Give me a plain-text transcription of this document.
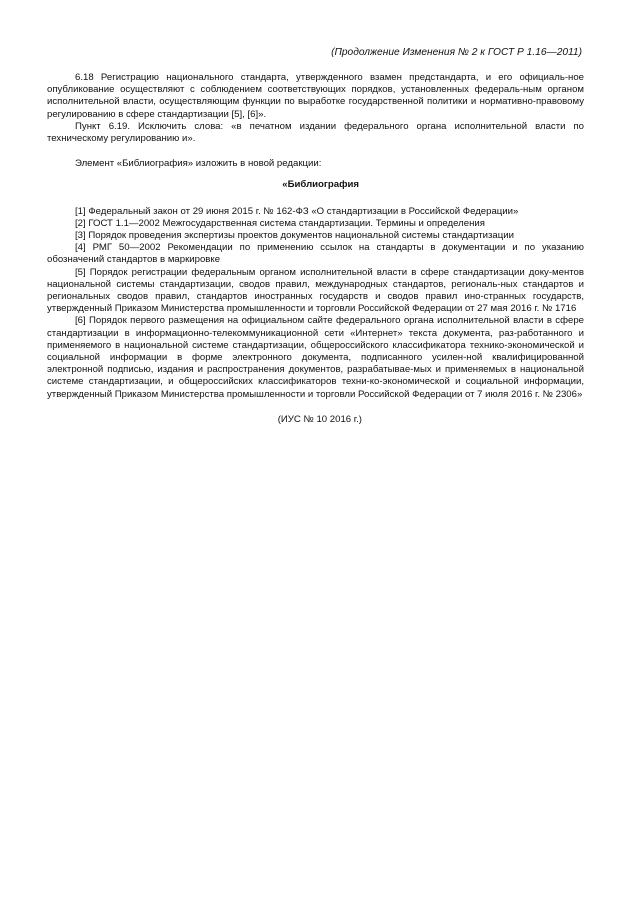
(Продолжение Изменения № 2 к ГОСТ Р 1.16—2011)

6.18 Регистрацию национального стандарта, утвержденного взамен предстандарта, и его официаль-ное опубликование осуществляют с соблюдением соответствующих порядков, установленных федераль-ным органом исполнительной власти, осуществляющим функции по выработке государственной политики и нормативно-правовому регулированию в сфере стандартизации [5], [6]».

Пункт 6.19. Исключить слова: «в печатном издании федерального органа исполнительной власти по техническому регулированию и».

Элемент «Библиография» изложить в новой редакции:

«Библиография

[1] Федеральный закон от 29 июня 2015 г. № 162-ФЗ «О стандартизации в Российской Федерации»

[2] ГОСТ 1.1—2002 Межгосударственная система стандартизации. Термины и определения

[3] Порядок проведения экспертизы проектов документов национальной системы стандартизации

[4] РМГ 50—2002 Рекомендации по применению ссылок на стандарты в документации и по указанию обозначений стандартов в маркировке

[5] Порядок регистрации федеральным органом исполнительной власти в сфере стандартизации доку-ментов национальной системы стандартизации, сводов правил, международных стандартов, региональ-ных стандартов и региональных сводов правил, стандартов иностранных государств и сводов правил ино-странных государств, утвержденный Приказом Министерства промышленности и торговли Российской Федерации от 27 мая 2016 г. № 1716

[6] Порядок первого размещения на официальном сайте федерального органа исполнительной власти в сфере стандартизации в информационно-телекоммуникационной сети «Интернет» текста документа, раз-работанного и применяемого в национальной системе стандартизации, общероссийского классификатора технико-экономической и социальной информации в форме электронного документа, подписанного усилен-ной квалифицированной электронной подписью, издания и распространения документов, разрабатывае-мых и применяемых в национальной системе стандартизации, и общероссийских классификаторов техни-ко-экономической и социальной информации, утвержденный Приказом Министерства промышленности и торговли Российской Федерации от 7 июля 2016 г. № 2306»

(ИУС № 10 2016 г.)
